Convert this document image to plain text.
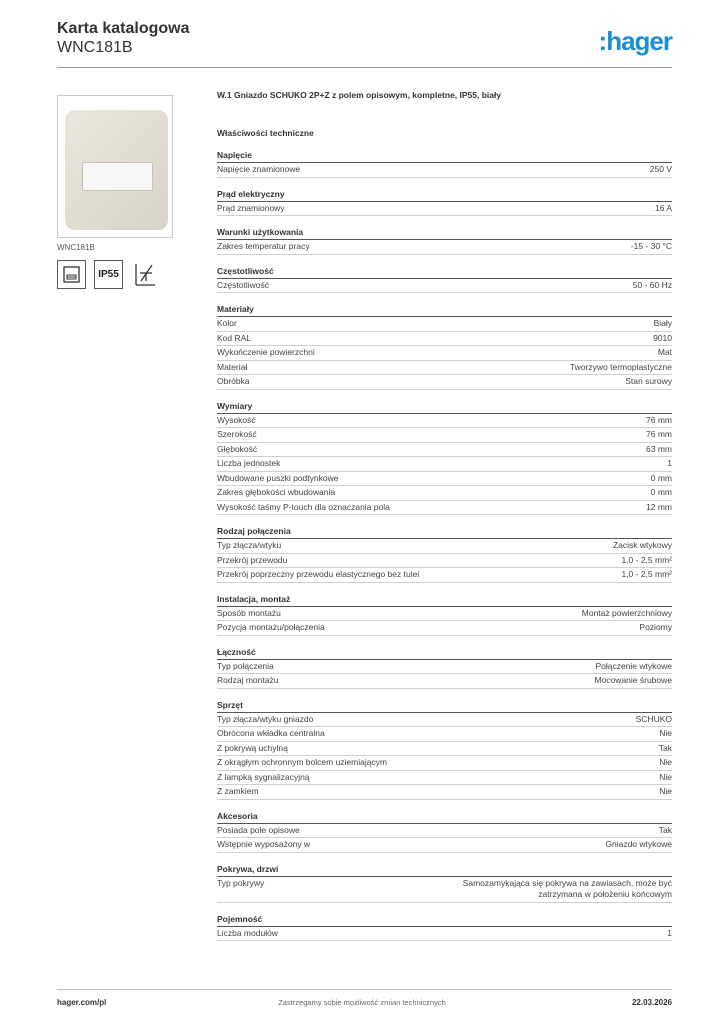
Karta katalogowa
WNC181B	:hager
WNC181B
IP55
W.1 Gniazdo SCHUKO 2P+Z z polem opisowym, kompletne, IP55, biały
Właściwości techniczne
Napięcie
Napięcie znamionowe	250 V
Prąd elektryczny
Prąd znamionowy	16 A
Warunki użytkowania
Zakres temperatur pracy	-15 - 30 °C
Częstotliwość
Częstotliwość	50 - 60 Hz
Materiały
Kolor	Biały
Kod RAL	9010
Wykończenie powierzchni	Mat
Materiał	Tworzywo termoplastyczne
Obróbka	Stan surowy
Wymiary
Wysokość	76 mm
Szerokość	76 mm
Głębokość	63 mm
Liczba jednostek	1
Wbudowane puszki podtynkowe	0 mm
Zakres głębokości wbudowania	0 mm
Wysokość taśmy P-touch dla oznaczania pola	12 mm
Rodzaj połączenia
Typ złącza/wtyku	Zacisk wtykowy
Przekrój przewodu	1,0 - 2,5 mm²
Przekrój poprzeczny przewodu elastycznego bez tulei	1,0 - 2,5 mm²
Instalacja, montaż
Sposób montażu	Montaż powierzchniowy
Pozycja montażu/połączenia	Poziomy
Łączność
Typ połączenia	Połączenie wtykowe
Rodzaj montażu	Mocowanie śrubowe
Sprzęt
Typ złącza/wtyku gniazdo	SCHUKO
Obrócona wkładka centralna	Nie
Z pokrywą uchylną	Tak
Z okrągłym ochronnym bolcem uziemiającym	Nie
Z lampką sygnalizacyjną	Nie
Z zamkiem	Nie
Akcesoria
Posiada pole opisowe	Tak
Wstępnie wyposażony w	Gniazdo wtykowe
Pokrywa, drzwi
Typ pokrywy	Samozamykająca się pokrywa na zawiasach, może być zatrzymana w położeniu końcowym
Pojemność
Liczba modułów	1
hager.com/pl	Zastrzegamy sobie możliwość zmian technicznych	22.03.2026
